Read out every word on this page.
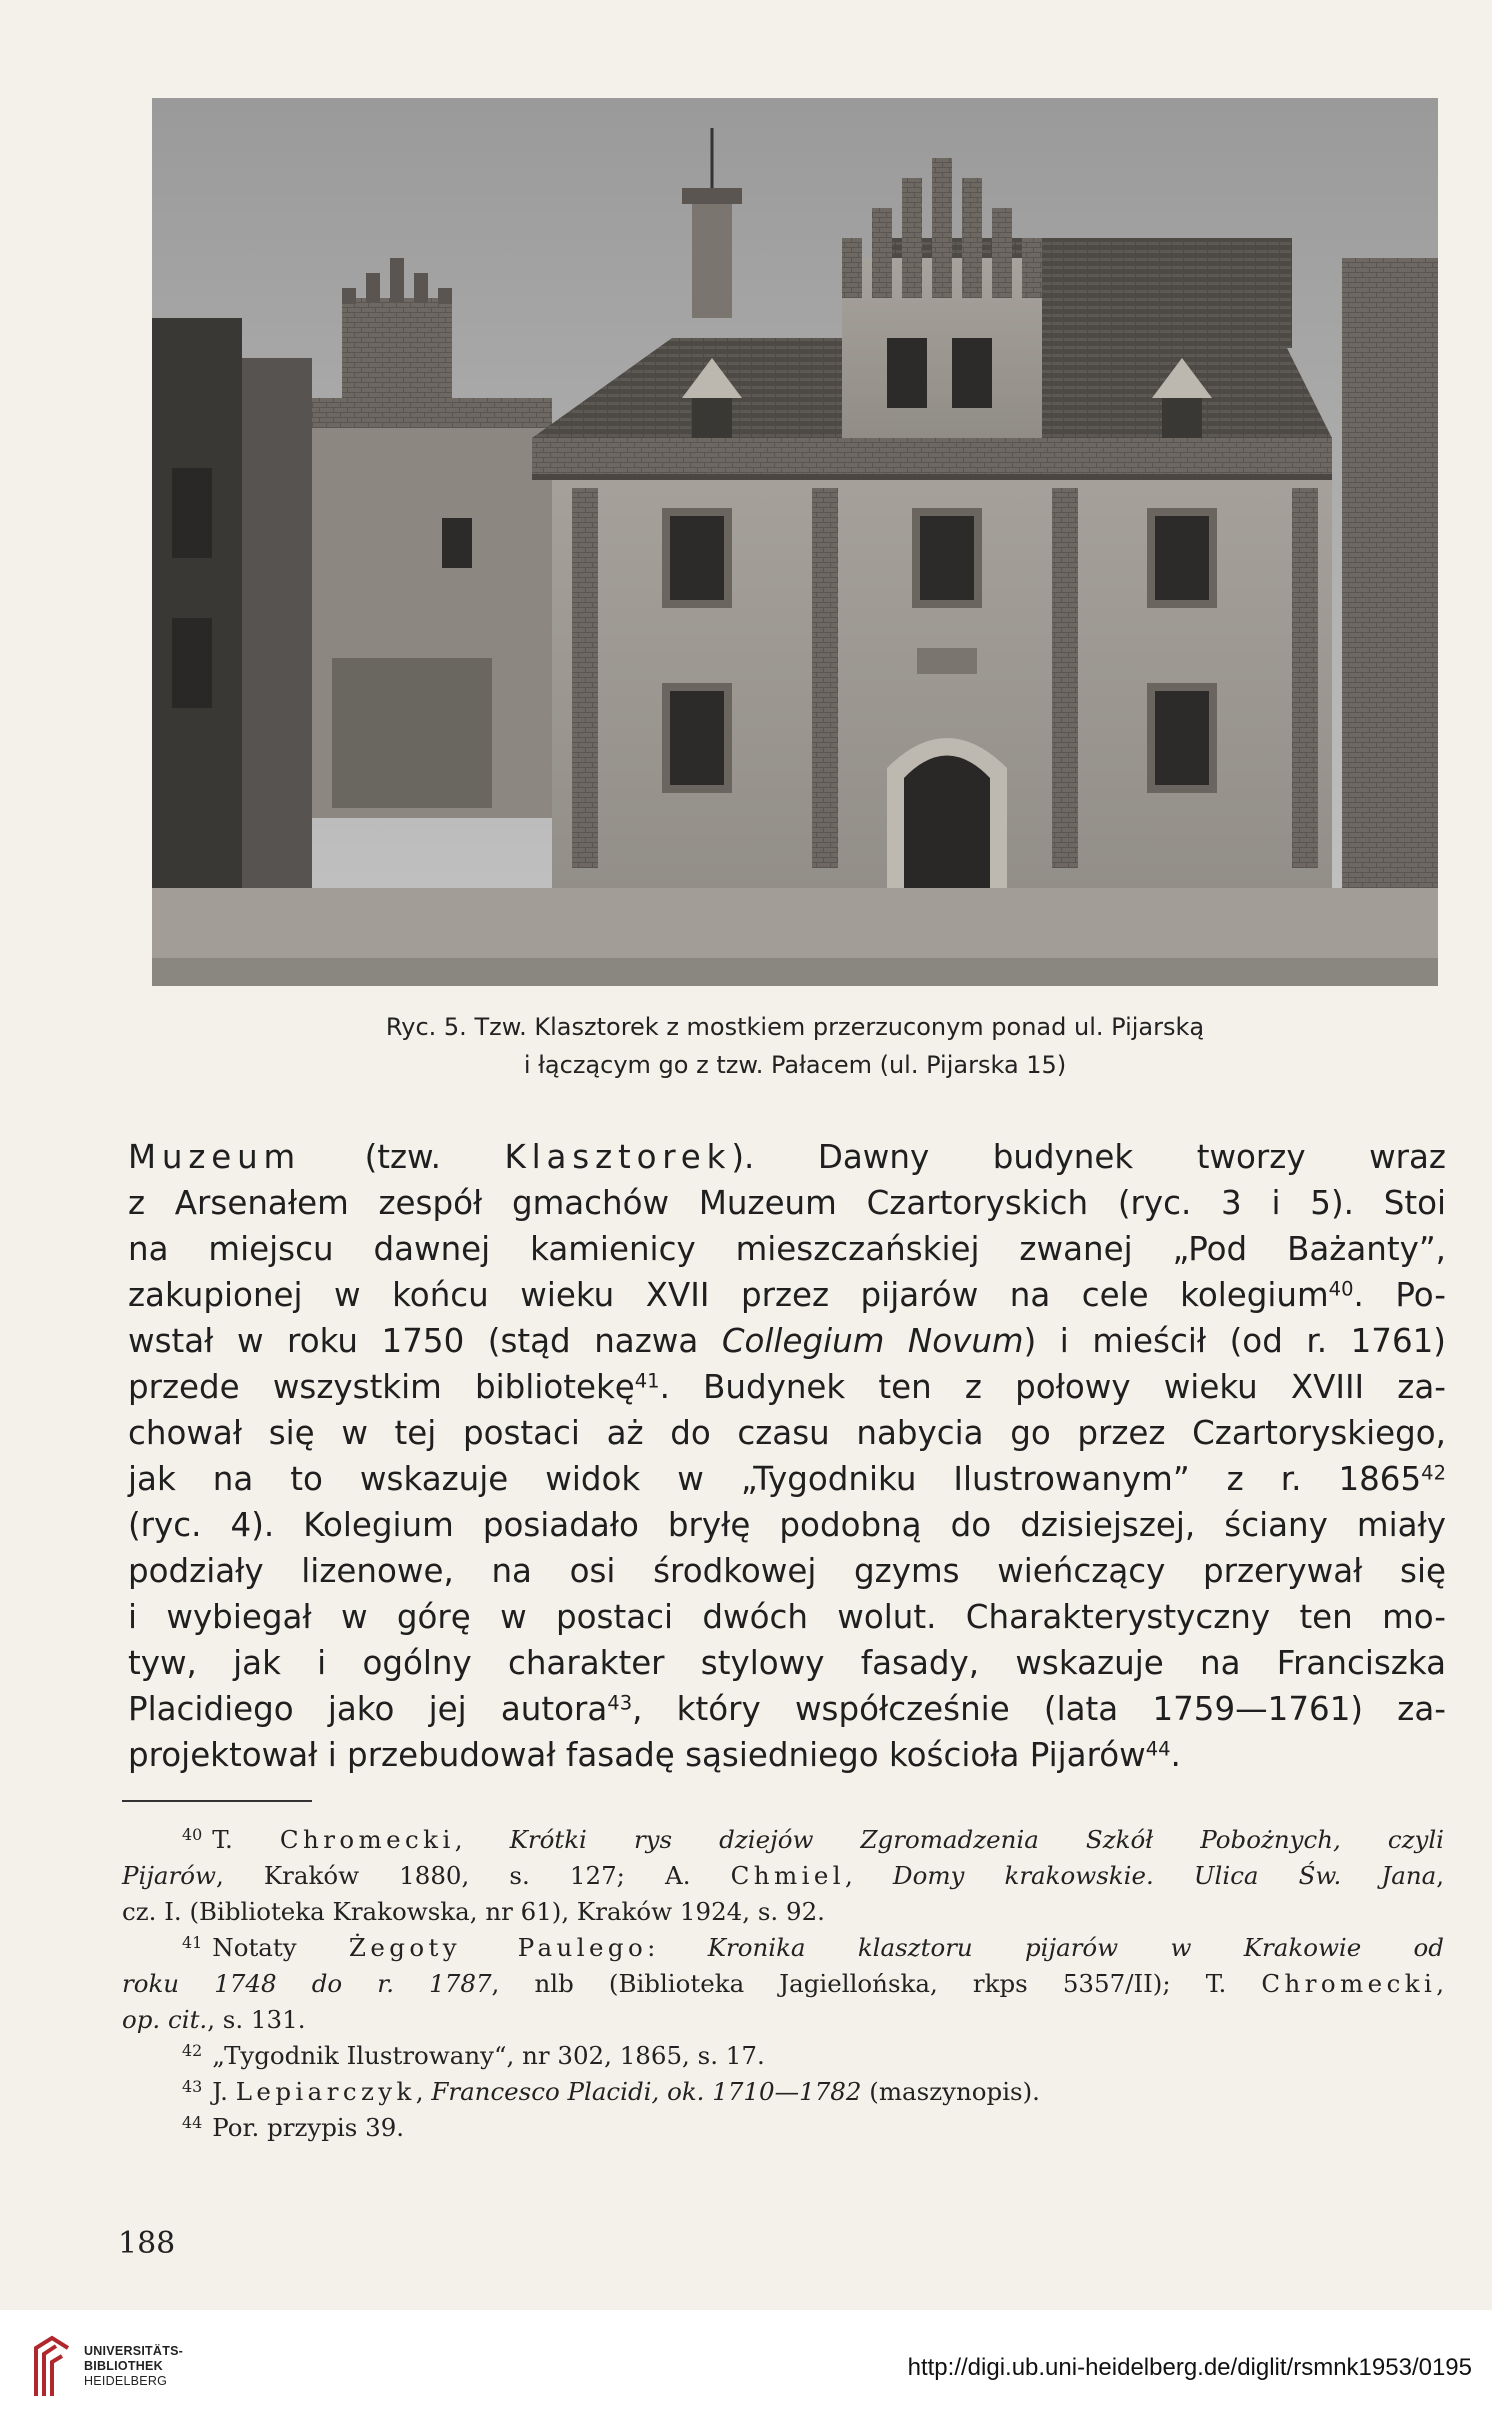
Ryc. 5. Tzw. Klasztorek z mostkiem przerzuconym ponad ul. Pijarską
i łączącym go z tzw. Pałacem (ul. Pijarska 15)
Muzeum (tzw. Klasztorek). Dawny budynek tworzy wraz
z Arsenałem zespół gmachów Muzeum Czartoryskich (ryc. 3 i 5). Stoi
na miejscu dawnej kamienicy mieszczańskiej zwanej „Pod Bażanty”,
zakupionej w końcu wieku XVII przez pijarów na cele kolegium$^{40}$. Po-
wstał w roku 1750 (stąd nazwa Collegium Novum) i mieścił (od r. 1761)
przede wszystkim bibliotekę$^{41}$. Budynek ten z połowy wieku XVIII za-
chował się w tej postaci aż do czasu nabycia go przez Czartoryskiego,
jak na to wskazuje widok w „Tygodniku Ilustrowanym” z r. 1865$^{42}$
(ryc. 4). Kolegium posiadało bryłę podobną do dzisiejszej, ściany miały
podziały lizenowe, na osi środkowej gzyms wieńczący przerywał się
i wybiegał w górę w postaci dwóch wolut. Charakterystyczny ten mo-
tyw, jak i ogólny charakter stylowy fasady, wskazuje na Franciszka
Placidiego jako jej autora$^{43}$, który współcześnie (lata 1759—1761) za-
projektował i przebudował fasadę sąsiedniego kościoła Pijarów$^{44}$.
$^{40}$ T. Chromecki, Krótki rys dziejów Zgromadzenia Szkół Pobożnych, czyli
Pijarów, Kraków 1880, s. 127; A. Chmiel, Domy krakowskie. Ulica Św. Jana,
cz. I. (Biblioteka Krakowska, nr 61), Kraków 1924, s. 92.
$^{41}$ Notaty Żegoty Paulego: Kronika klasztoru pijarów w Krakowie od
roku 1748 do r. 1787, nlb (Biblioteka Jagiellońska, rkps 5357/II); T. Chromecki,
op. cit., s. 131.
$^{42}$ „Tygodnik Ilustrowany“, nr 302, 1865, s. 17.
$^{43}$ J. Lepiarczyk, Francesco Placidi, ok. 1710—1782 (maszynopis).
$^{44}$ Por. przypis 39.
188
UNIVERSITÄTS-
BIBLIOTHEK
HEIDELBERG	http://digi.ub.uni-heidelberg.de/diglit/rsmnk1953/0195
